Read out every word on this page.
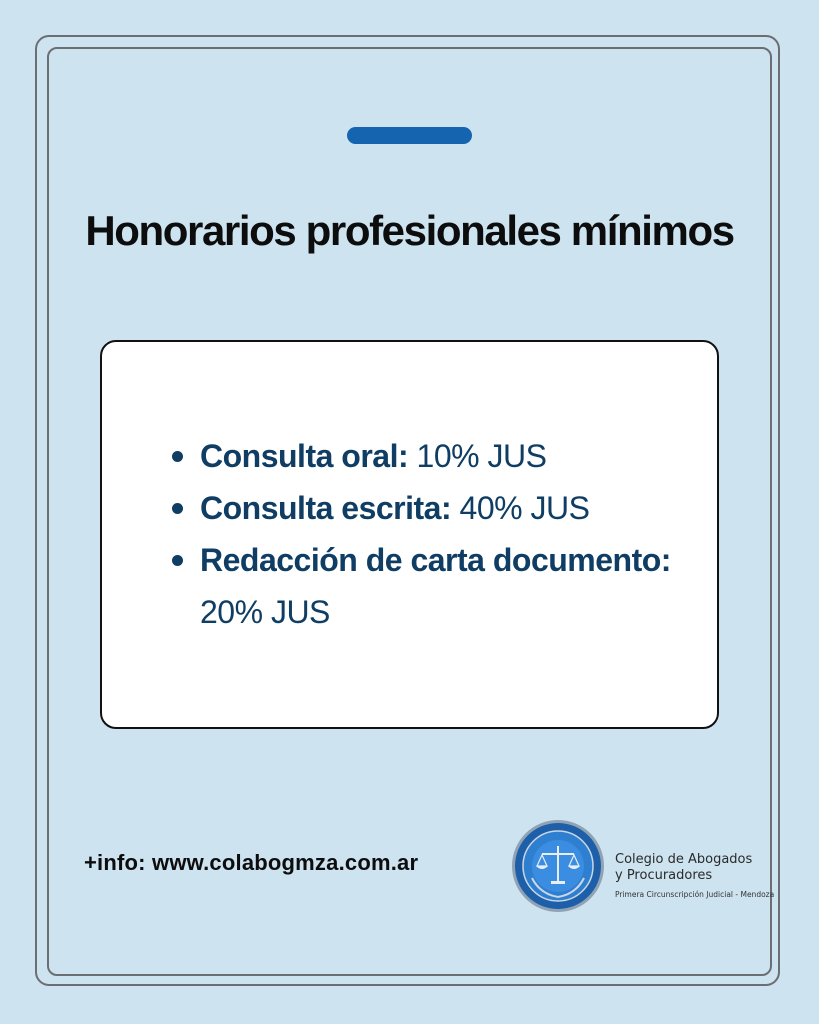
Honorarios profesionales mínimos
Consulta oral: 10% JUS
Consulta escrita: 40% JUS
Redacción de carta documento: 20% JUS
+info: www.colabogmza.com.ar	Colegio de Abogados
y Procuradores
Primera Circunscripción Judicial - Mendoza
